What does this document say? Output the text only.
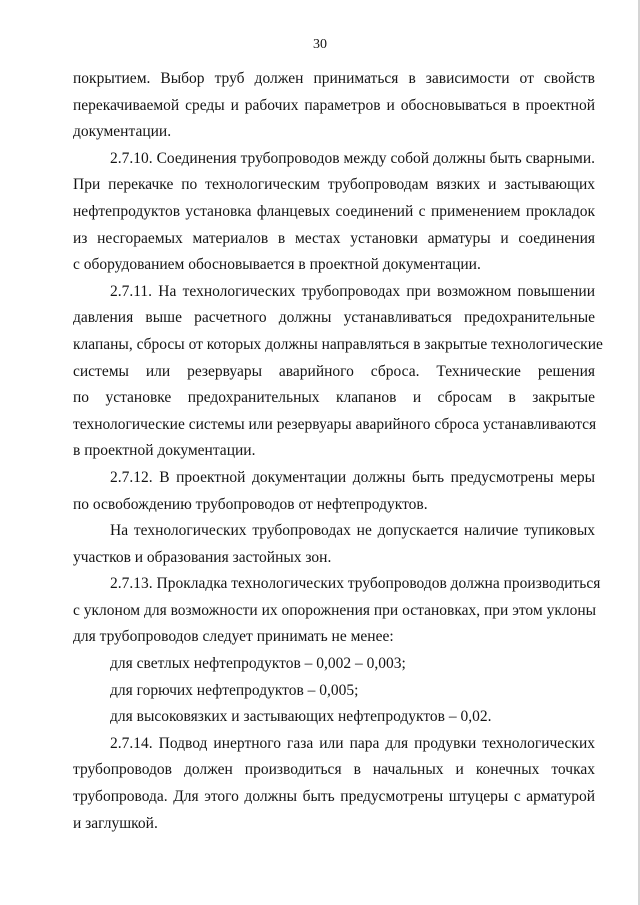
30
покрытием. Выбор труб должен приниматься в зависимости от свойств
перекачиваемой среды и рабочих параметров и обосновываться в проектной
документации.
2.7.10. Соединения трубопроводов между собой должны быть сварными.
При перекачке по технологическим трубопроводам вязких и застывающих
нефтепродуктов установка фланцевых соединений с применением прокладок
из несгораемых материалов в местах установки арматуры и соединения
с оборудованием обосновывается в проектной документации.
2.7.11. На технологических трубопроводах при возможном повышении
давления выше расчетного должны устанавливаться предохранительные
клапаны, сбросы от которых должны направляться в закрытые технологические
системы или резервуары аварийного сброса. Технические решения
по установке предохранительных клапанов и сбросам в закрытые
технологические системы или резервуары аварийного сброса устанавливаются
в проектной документации.
2.7.12. В проектной документации должны быть предусмотрены меры
по освобождению трубопроводов от нефтепродуктов.
На технологических трубопроводах не допускается наличие тупиковых
участков и образования застойных зон.
2.7.13. Прокладка технологических трубопроводов должна производиться
с уклоном для возможности их опорожнения при остановках, при этом уклоны
для трубопроводов следует принимать не менее:
для светлых нефтепродуктов – 0,002 – 0,003;
для горючих нефтепродуктов – 0,005;
для высоковязких и застывающих нефтепродуктов – 0,02.
2.7.14. Подвод инертного газа или пара для продувки технологических
трубопроводов должен производиться в начальных и конечных точках
трубопровода. Для этого должны быть предусмотрены штуцеры с арматурой
и заглушкой.
